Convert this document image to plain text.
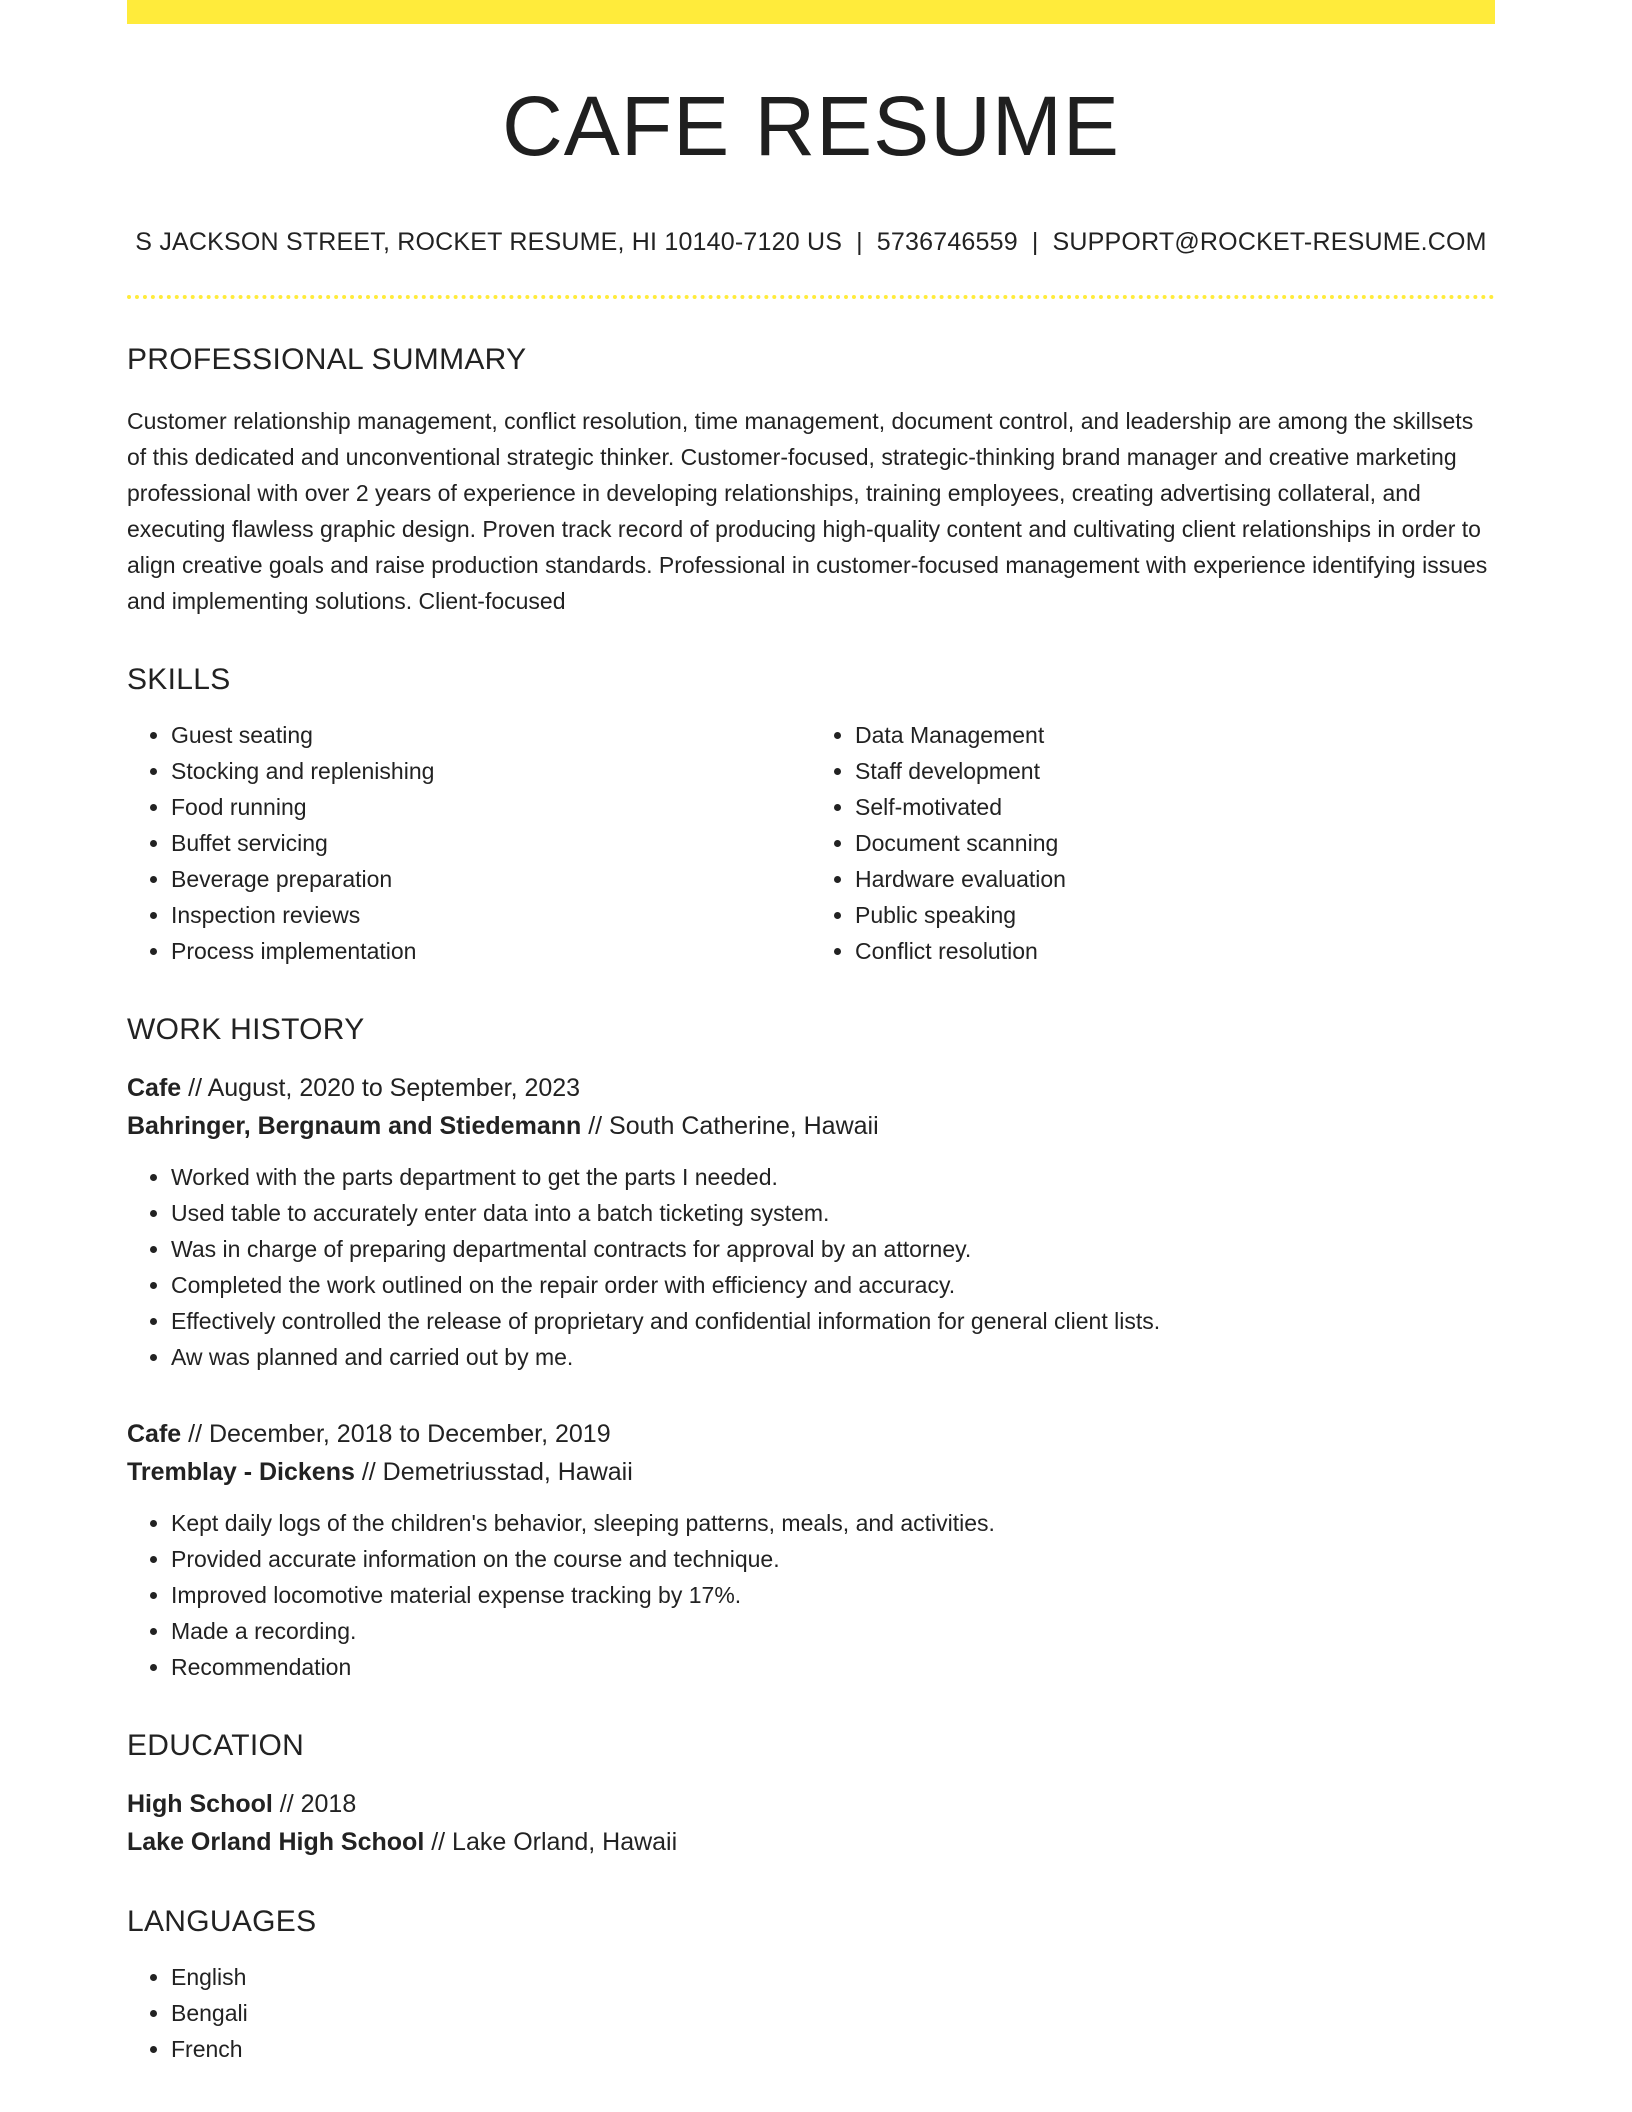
CAFE RESUME
S JACKSON STREET, ROCKET RESUME, HI 10140-7120 US | 5736746559 | SUPPORT@ROCKET-RESUME.COM
PROFESSIONAL SUMMARY
Customer relationship management, conflict resolution, time management, document control, and leadership are among the skillsets of this dedicated and unconventional strategic thinker. Customer-focused, strategic-thinking brand manager and creative marketing professional with over 2 years of experience in developing relationships, training employees, creating advertising collateral, and executing flawless graphic design. Proven track record of producing high-quality content and cultivating client relationships in order to align creative goals and raise production standards. Professional in customer-focused management with experience identifying issues and implementing solutions. Client-focused
SKILLS
• Guest seating
• Stocking and replenishing
• Food running
• Buffet servicing
• Beverage preparation
• Inspection reviews
• Process implementation
• Data Management
• Staff development
• Self-motivated
• Document scanning
• Hardware evaluation
• Public speaking
• Conflict resolution
WORK HISTORY
Cafe // August, 2020 to September, 2023
Bahringer, Bergnaum and Stiedemann // South Catherine, Hawaii
• Worked with the parts department to get the parts I needed.
• Used table to accurately enter data into a batch ticketing system.
• Was in charge of preparing departmental contracts for approval by an attorney.
• Completed the work outlined on the repair order with efficiency and accuracy.
• Effectively controlled the release of proprietary and confidential information for general client lists.
• Aw was planned and carried out by me.
Cafe // December, 2018 to December, 2019
Tremblay - Dickens // Demetriusstad, Hawaii
• Kept daily logs of the children's behavior, sleeping patterns, meals, and activities.
• Provided accurate information on the course and technique.
• Improved locomotive material expense tracking by 17%.
• Made a recording.
• Recommendation
EDUCATION
High School // 2018
Lake Orland High School // Lake Orland, Hawaii
LANGUAGES
• English
• Bengali
• French
